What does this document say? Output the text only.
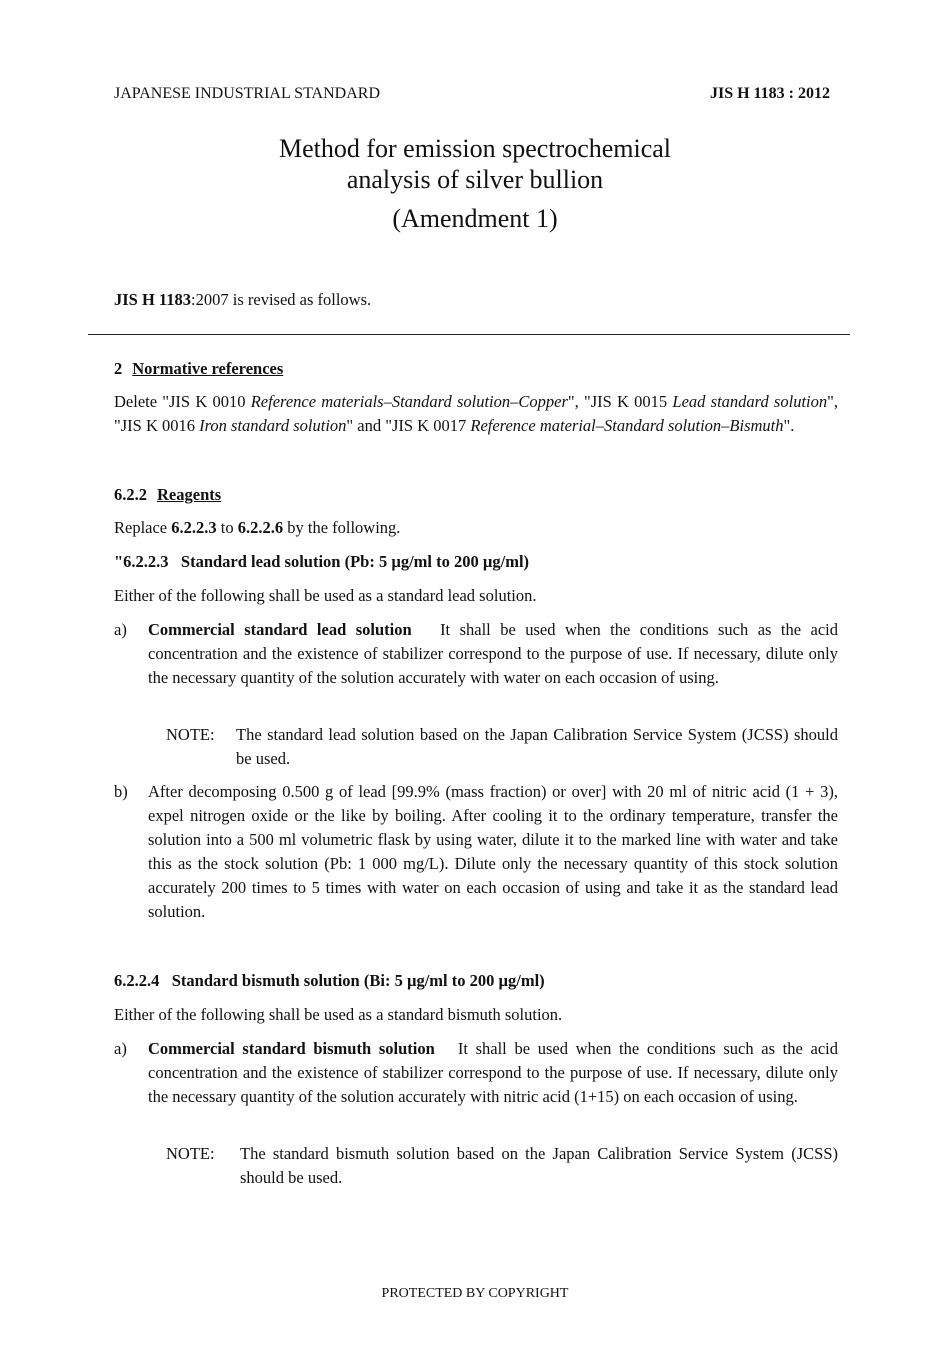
JAPANESE INDUSTRIAL STANDARD	JIS H 1183 : 2012
Method for emission spectrochemical
analysis of silver bullion
(Amendment 1)
JIS H 1183:2007 is revised as follows.
2 Normative references
Delete "JIS K 0010 Reference materials–Standard solution–Copper", "JIS K 0015 Lead standard solution", "JIS K 0016 Iron standard solution" and "JIS K 0017 Reference material–Standard solution–Bismuth".
6.2.2 Reagents
Replace 6.2.2.3 to 6.2.2.6 by the following.
"6.2.2.3   Standard lead solution (Pb: 5 µg/ml to 200 µg/ml)
Either of the following shall be used as a standard lead solution.
a) Commercial standard lead solution It shall be used when the conditions such as the acid concentration and the existence of stabilizer correspond to the purpose of use. If necessary, dilute only the necessary quantity of the solution accurately with water on each occasion of using.
NOTE: The standard lead solution based on the Japan Calibration Service System (JCSS) should be used.
b) After decomposing 0.500 g of lead [99.9% (mass fraction) or over] with 20 ml of nitric acid (1 + 3), expel nitrogen oxide or the like by boiling. After cooling it to the ordinary temperature, transfer the solution into a 500 ml volumetric flask by using water, dilute it to the marked line with water and take this as the stock solution (Pb: 1 000 mg/L). Dilute only the necessary quantity of this stock solution accurately 200 times to 5 times with water on each occasion of using and take it as the standard lead solution.
6.2.2.4   Standard bismuth solution (Bi: 5 µg/ml to 200 µg/ml)
Either of the following shall be used as a standard bismuth solution.
a) Commercial standard bismuth solution It shall be used when the conditions such as the acid concentration and the existence of stabilizer correspond to the purpose of use. If necessary, dilute only the necessary quantity of the solution accurately with nitric acid (1+15) on each occasion of using.
NOTE: The standard bismuth solution based on the Japan Calibration Service System (JCSS) should be used.
PROTECTED BY COPYRIGHT
